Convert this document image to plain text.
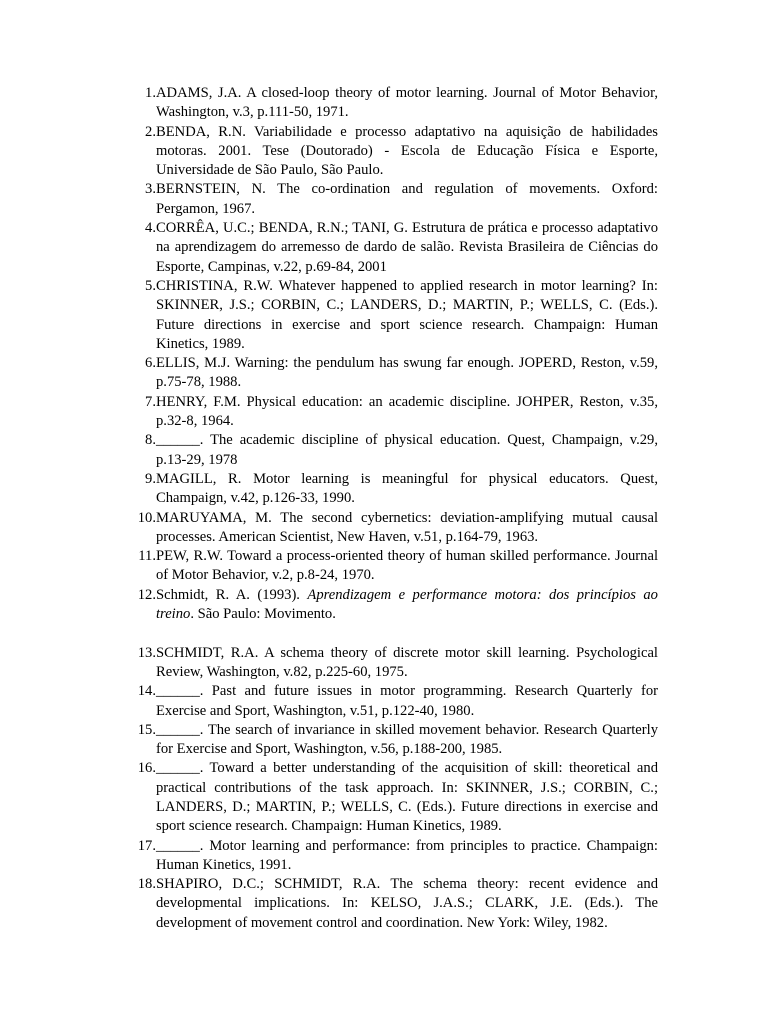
1. ADAMS, J.A. A closed-loop theory of motor learning. Journal of Motor Behavior, Washington, v.3, p.111-50, 1971.
2. BENDA, R.N. Variabilidade e processo adaptativo na aquisição de habilidades motoras. 2001. Tese (Doutorado) - Escola de Educação Física e Esporte, Universidade de São Paulo, São Paulo.
3. BERNSTEIN, N. The co-ordination and regulation of movements. Oxford: Pergamon, 1967.
4. CORRÊA, U.C.; BENDA, R.N.; TANI, G. Estrutura de prática e processo adaptativo na aprendizagem do arremesso de dardo de salão. Revista Brasileira de Ciências do Esporte, Campinas, v.22, p.69-84, 2001
5. CHRISTINA, R.W. Whatever happened to applied research in motor learning? In: SKINNER, J.S.; CORBIN, C.; LANDERS, D.; MARTIN, P.; WELLS, C. (Eds.). Future directions in exercise and sport science research. Champaign: Human Kinetics, 1989.
6. ELLIS, M.J. Warning: the pendulum has swung far enough. JOPERD, Reston, v.59, p.75-78, 1988.
7. HENRY, F.M. Physical education: an academic discipline. JOHPER, Reston, v.35, p.32-8, 1964.
8. ______. The academic discipline of physical education. Quest, Champaign, v.29, p.13-29, 1978
9. MAGILL, R. Motor learning is meaningful for physical educators. Quest, Champaign, v.42, p.126-33, 1990.
10. MARUYAMA, M. The second cybernetics: deviation-amplifying mutual causal processes. American Scientist, New Haven, v.51, p.164-79, 1963.
11. PEW, R.W. Toward a process-oriented theory of human skilled performance. Journal of Motor Behavior, v.2, p.8-24, 1970.
12. Schmidt, R. A. (1993). Aprendizagem e performance motora: dos princípios ao treino. São Paulo: Movimento.
13. SCHMIDT, R.A. A schema theory of discrete motor skill learning. Psychological Review, Washington, v.82, p.225-60, 1975.
14. ______. Past and future issues in motor programming. Research Quarterly for Exercise and Sport, Washington, v.51, p.122-40, 1980.
15. ______. The search of invariance in skilled movement behavior. Research Quarterly for Exercise and Sport, Washington, v.56, p.188-200, 1985.
16. ______. Toward a better understanding of the acquisition of skill: theoretical and practical contributions of the task approach. In: SKINNER, J.S.; CORBIN, C.; LANDERS, D.; MARTIN, P.; WELLS, C. (Eds.). Future directions in exercise and sport science research. Champaign: Human Kinetics, 1989.
17. ______. Motor learning and performance: from principles to practice. Champaign: Human Kinetics, 1991.
18. SHAPIRO, D.C.; SCHMIDT, R.A. The schema theory: recent evidence and developmental implications. In: KELSO, J.A.S.; CLARK, J.E. (Eds.). The development of movement control and coordination. New York: Wiley, 1982.
